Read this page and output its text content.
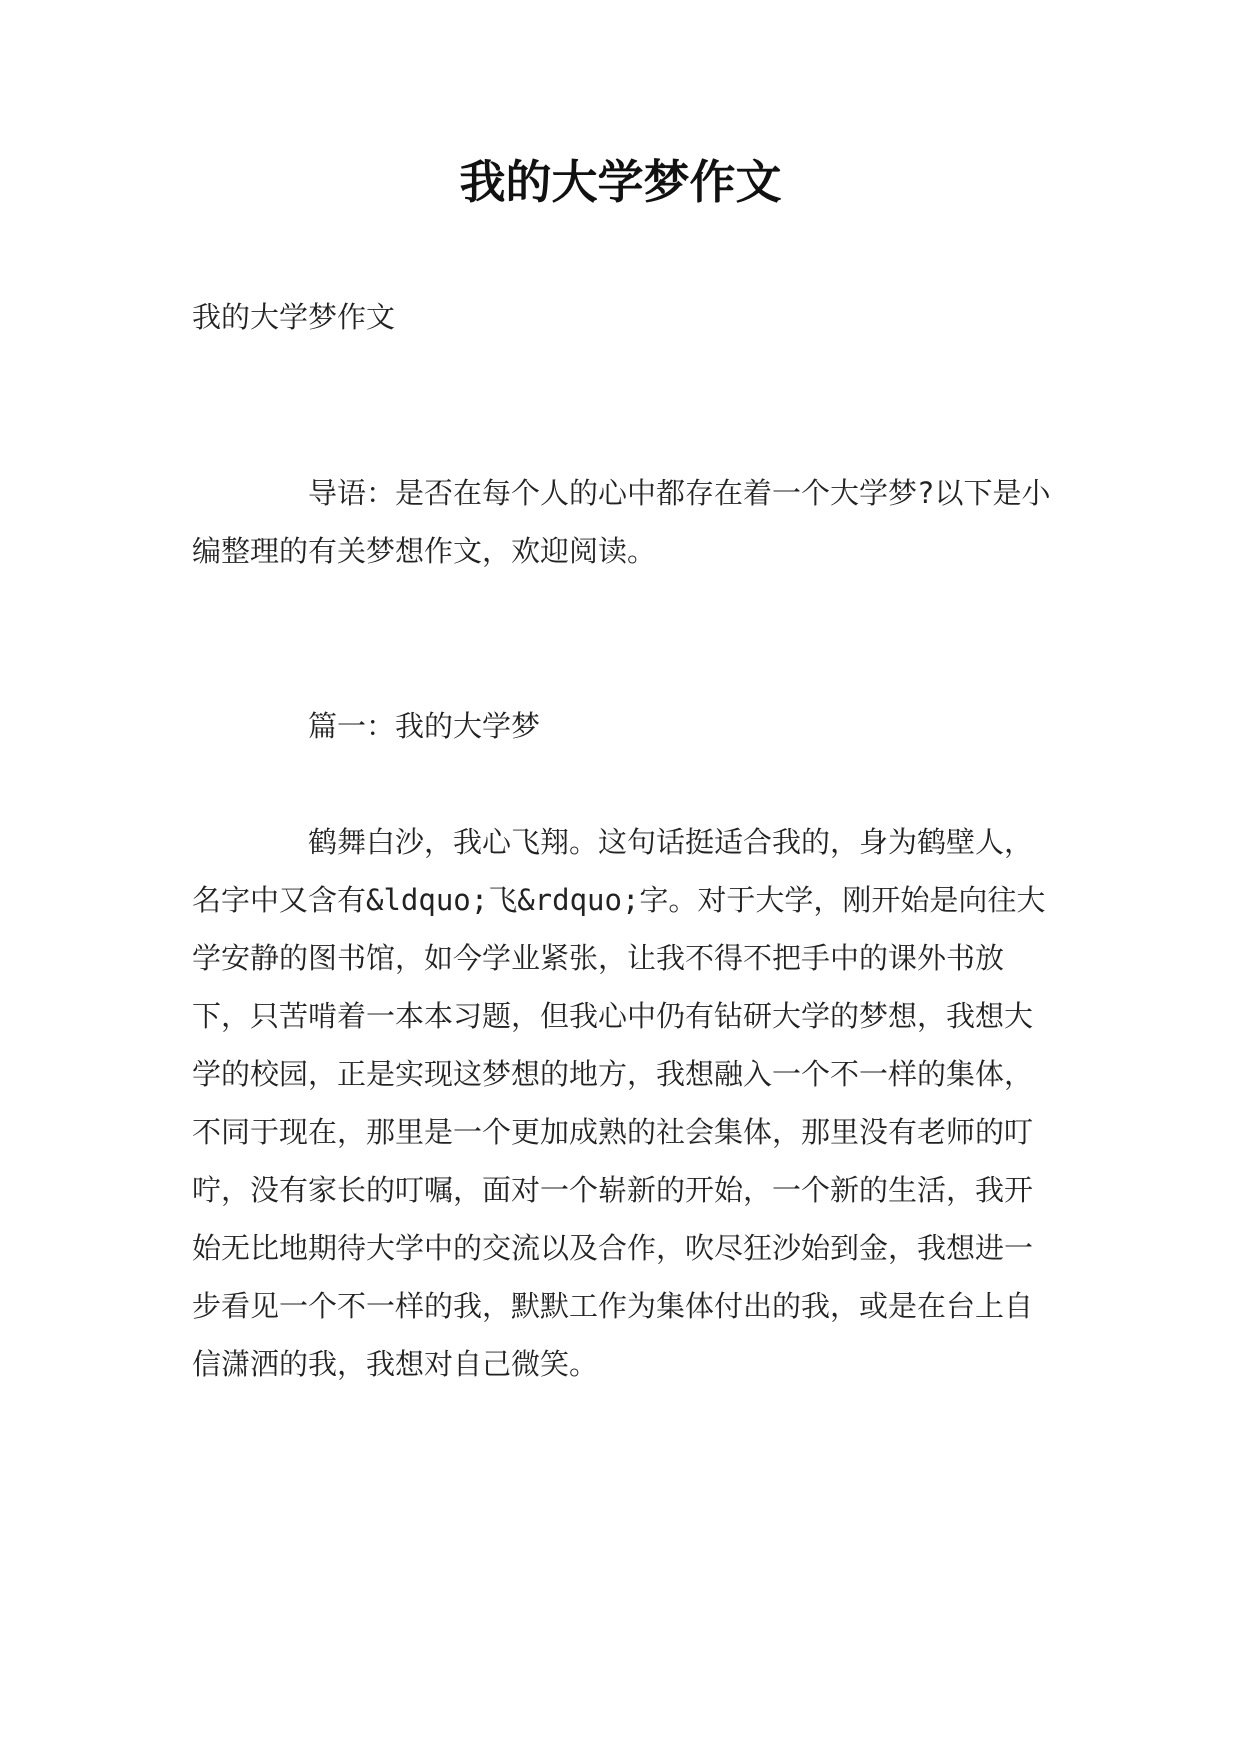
我的大学梦作文

我的大学梦作文

导语：是否在每个人的心中都存在着一个大学梦?以下是小编整理的有关梦想作文，欢迎阅读。

篇一：我的大学梦

鹤舞白沙，我心飞翔。这句话挺适合我的，身为鹤壁人，名字中又含有&ldquo;飞&rdquo;字。对于大学，刚开始是向往大学安静的图书馆，如今学业紧张，让我不得不把手中的课外书放下，只苦啃着一本本习题，但我心中仍有钻研大学的梦想，我想大学的校园，正是实现这梦想的地方，我想融入一个不一样的集体，不同于现在，那里是一个更加成熟的社会集体，那里没有老师的叮咛，没有家长的叮嘱，面对一个崭新的开始，一个新的生活，我开始无比地期待大学中的交流以及合作，吹尽狂沙始到金，我想进一步看见一个不一样的我，默默工作为集体付出的我，或是在台上自信潇洒的我，我想对自己微笑。
